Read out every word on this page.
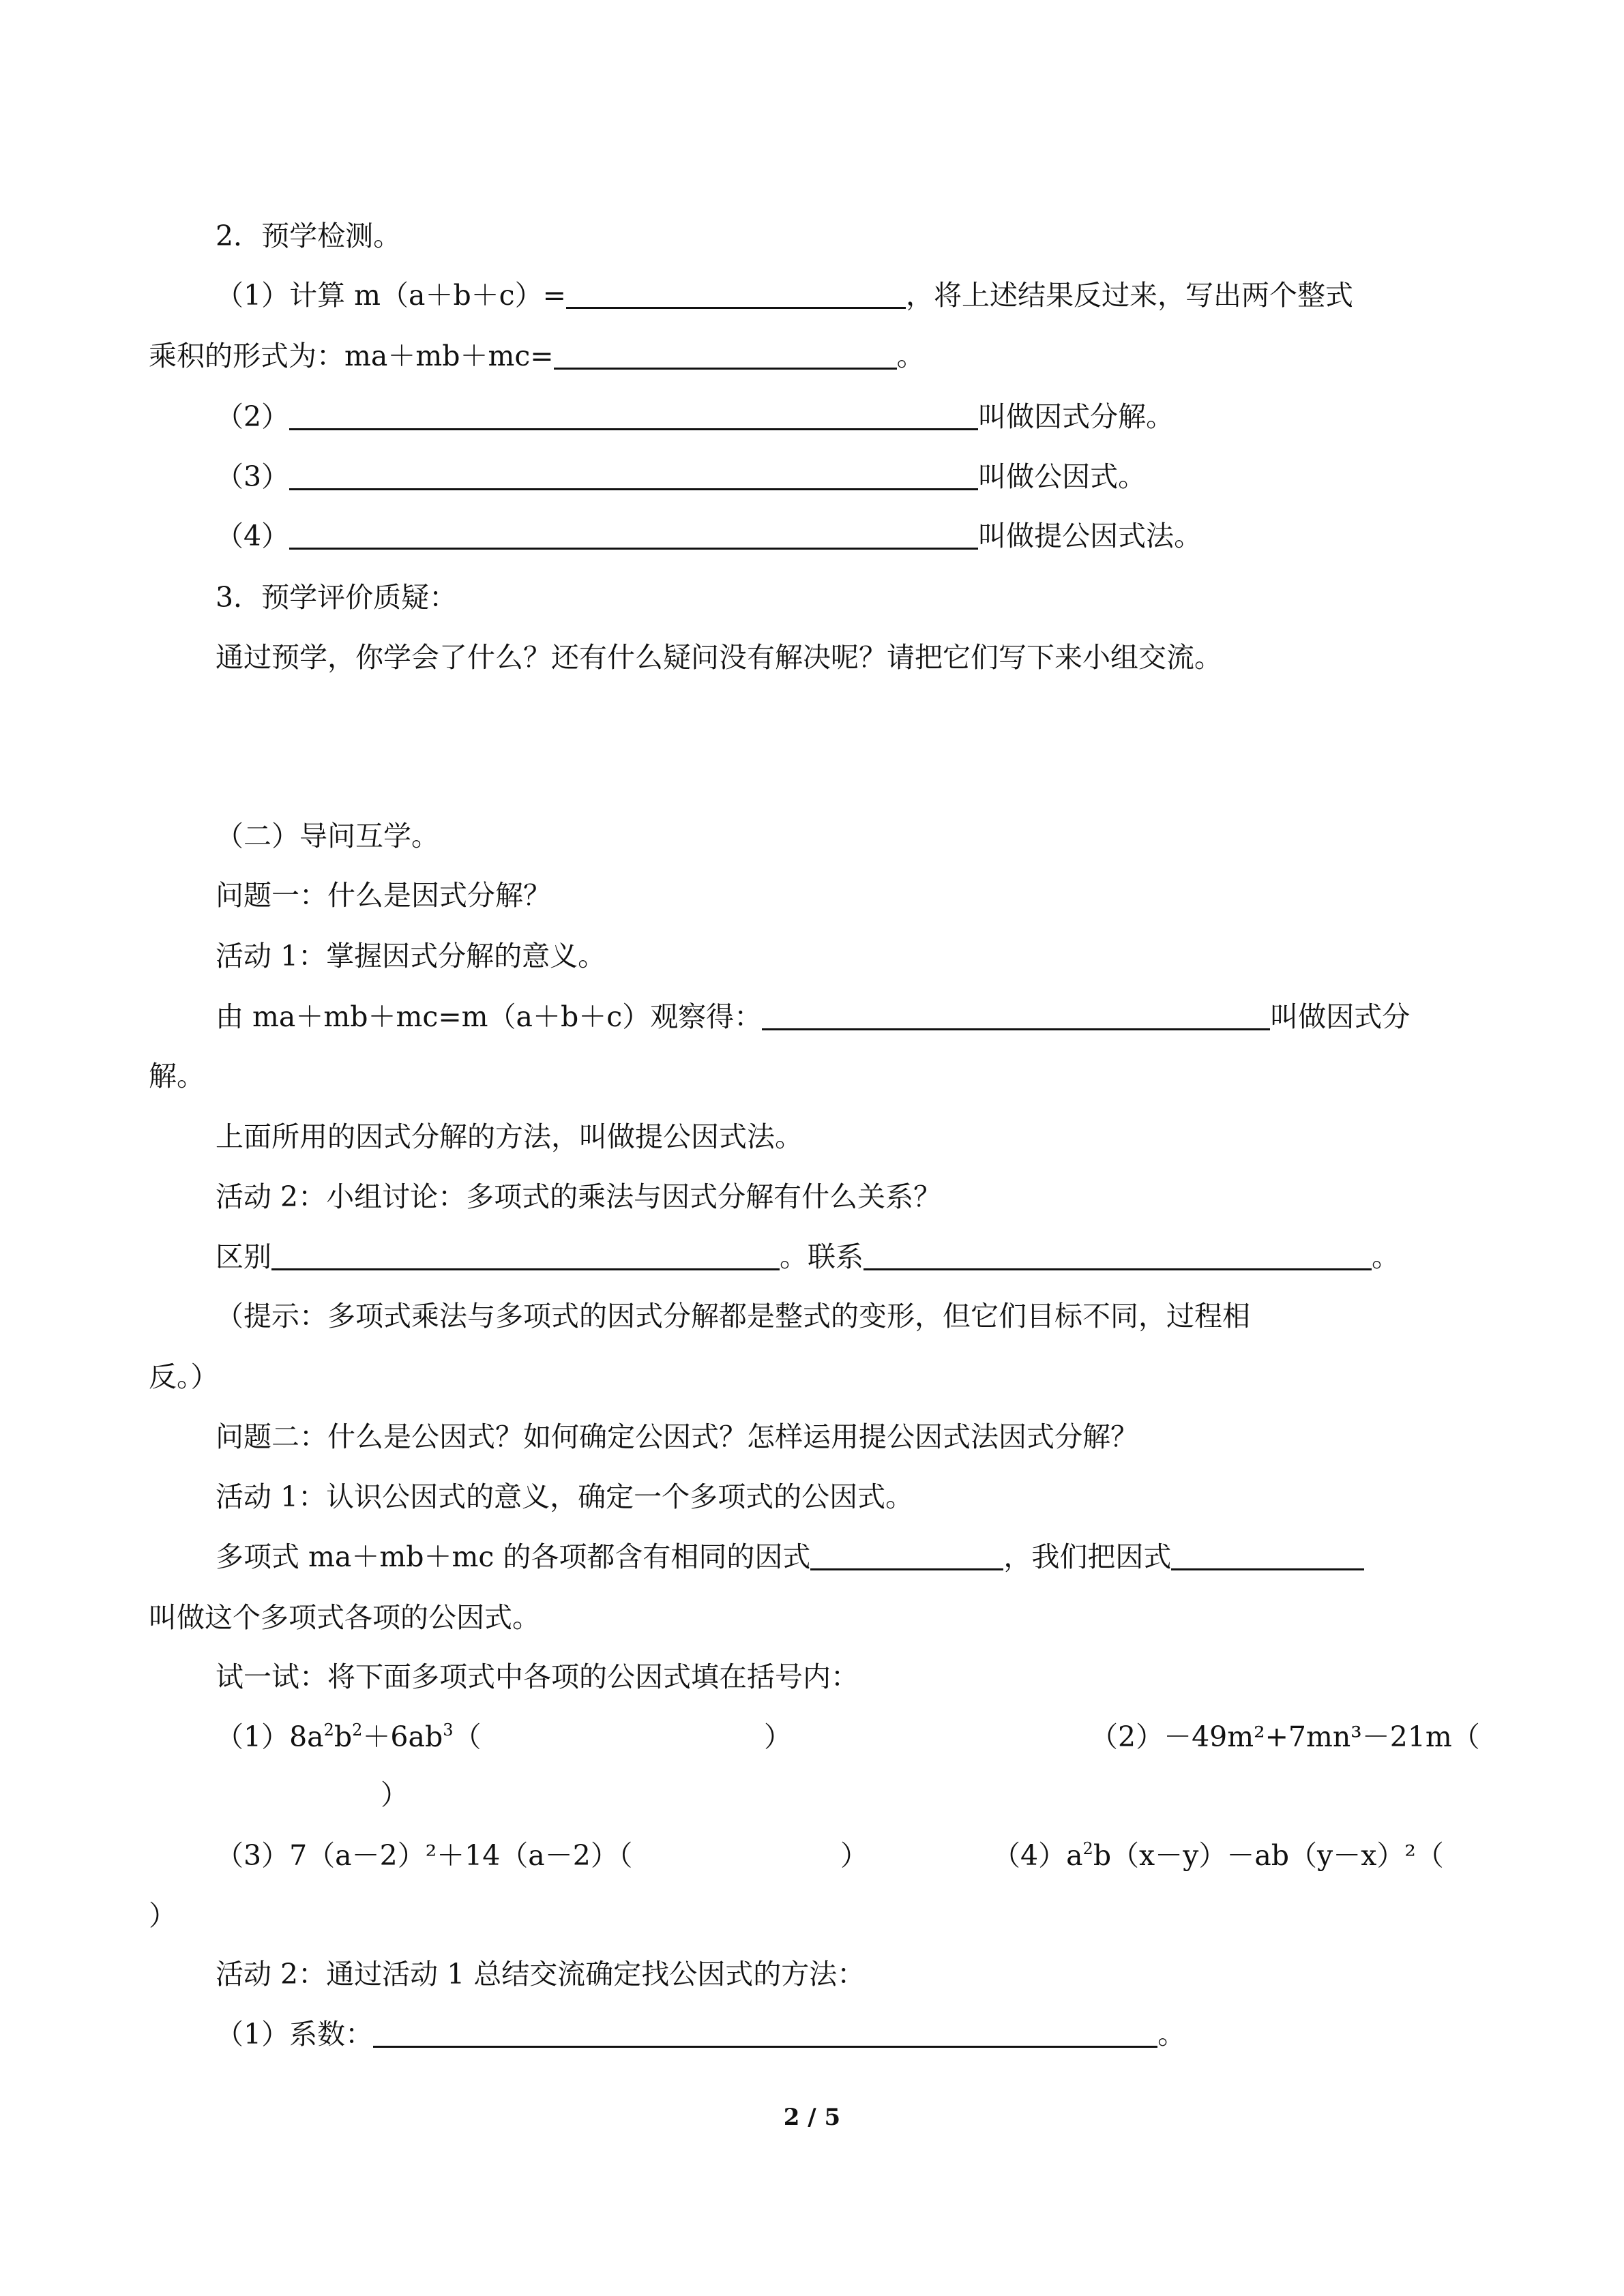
2．预学检测。
（1）计算 m（a＋b＋c）=	，将上述结果反过来，写出两个整式
乘积的形式为：ma＋mb＋mc=	。
（2）	叫做因式分解。
（3）	叫做公因式。
（4）	叫做提公因式法。
3．预学评价质疑：
通过预学，你学会了什么？还有什么疑问没有解决呢？请把它们写下来小组交流。
（二）导问互学。
问题一：什么是因式分解？
活动 1：掌握因式分解的意义。
由 ma＋mb＋mc=m（a＋b＋c）观察得：	叫做因式分
解。
上面所用的因式分解的方法，叫做提公因式法。
活动 2：小组讨论：多项式的乘法与因式分解有什么关系？
区别	。联系	。
（提示：多项式乘法与多项式的因式分解都是整式的变形，但它们目标不同，过程相
反。）
问题二：什么是公因式？如何确定公因式？怎样运用提公因式法因式分解？
活动 1：认识公因式的意义，确定一个多项式的公因式。
多项式 ma＋mb＋mc 的各项都含有相同的因式	，我们把因式
叫做这个多项式各项的公因式。
试一试：将下面多项式中各项的公因式填在括号内：
$(1)8a^2b^2+6ab^3$（	）	（2）－49m²+7mn³－21m（
）
（3）7（a－2）²＋14（a－2）（	）	$(4)a^2b(x-y)-ab(y-x)^2$（
）
活动 2：通过活动 1 总结交流确定找公因式的方法：
（1）系数：	。
2 / 5
